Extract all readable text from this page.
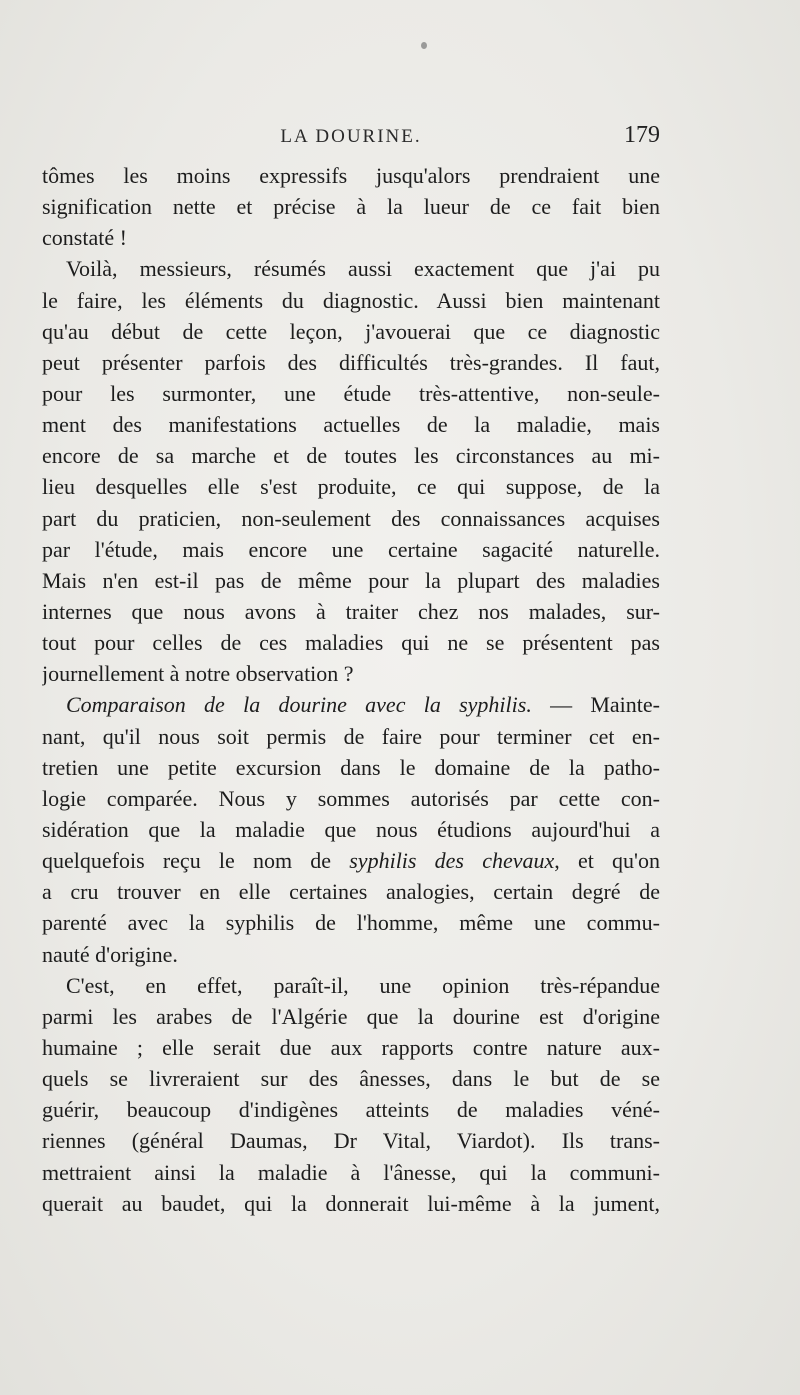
LA DOURINE.	179
tômes les moins expressifs jusqu'alors prendraient une
signification nette et précise à la lueur de ce fait bien
constaté !
Voilà, messieurs, résumés aussi exactement que j'ai pu
le faire, les éléments du diagnostic. Aussi bien maintenant
qu'au début de cette leçon, j'avouerai que ce diagnostic
peut présenter parfois des difficultés très-grandes. Il faut,
pour les surmonter, une étude très-attentive, non-seule-
ment des manifestations actuelles de la maladie, mais
encore de sa marche et de toutes les circonstances au mi-
lieu desquelles elle s'est produite, ce qui suppose, de la
part du praticien, non-seulement des connaissances acquises
par l'étude, mais encore une certaine sagacité naturelle.
Mais n'en est-il pas de même pour la plupart des maladies
internes que nous avons à traiter chez nos malades, sur-
tout pour celles de ces maladies qui ne se présentent pas
journellement à notre observation ?
Comparaison de la dourine avec la syphilis. — Mainte-
nant, qu'il nous soit permis de faire pour terminer cet en-
tretien une petite excursion dans le domaine de la patho-
logie comparée. Nous y sommes autorisés par cette con-
sidération que la maladie que nous étudions aujourd'hui a
quelquefois reçu le nom de syphilis des chevaux, et qu'on
a cru trouver en elle certaines analogies, certain degré de
parenté avec la syphilis de l'homme, même une commu-
nauté d'origine.
C'est, en effet, paraît-il, une opinion très-répandue
parmi les arabes de l'Algérie que la dourine est d'origine
humaine ; elle serait due aux rapports contre nature aux-
quels se livreraient sur des ânesses, dans le but de se
guérir, beaucoup d'indigènes atteints de maladies véné-
riennes (général Daumas, Dr Vital, Viardot). Ils trans-
mettraient ainsi la maladie à l'ânesse, qui la communi-
querait au baudet, qui la donnerait lui-même à la jument,
